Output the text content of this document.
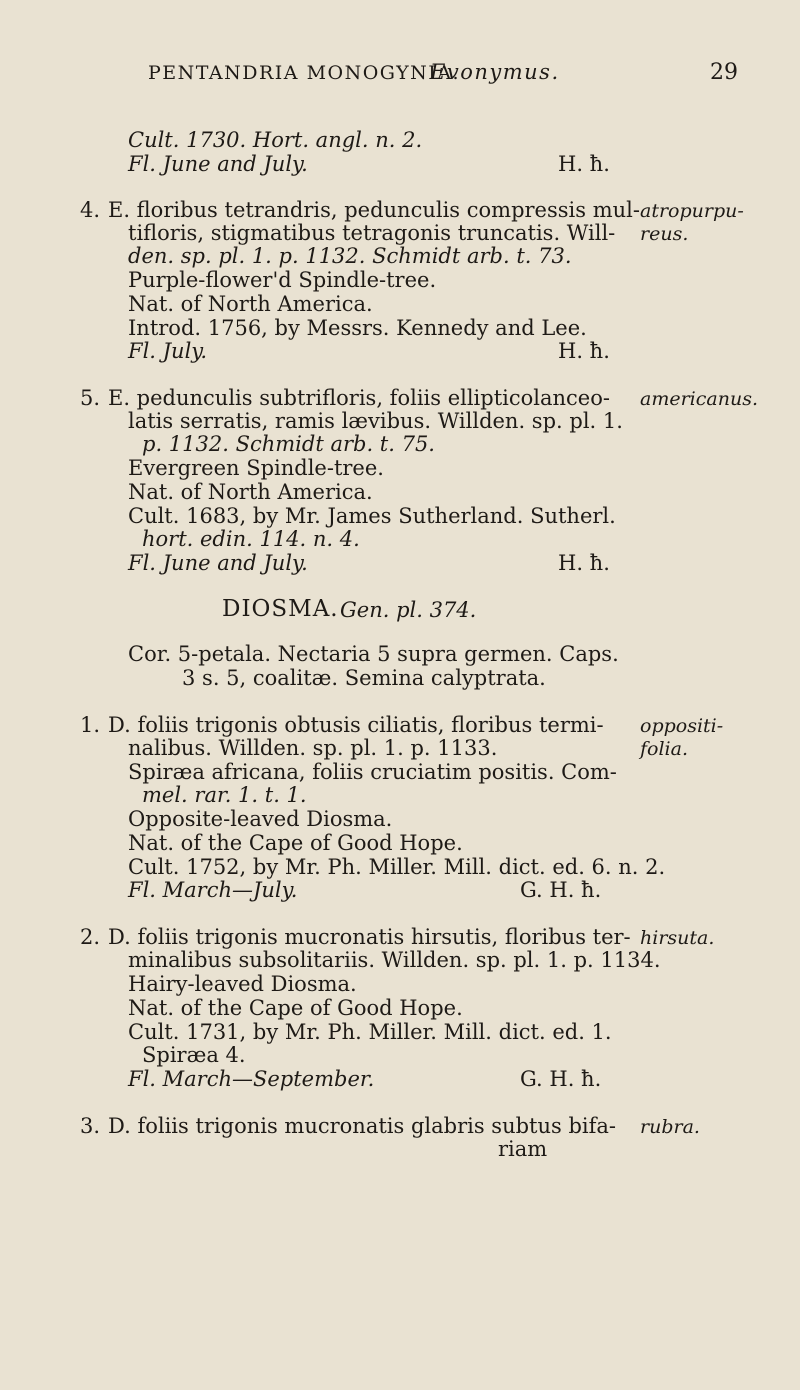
PENTANDRIA MONOGYNIA.
Evonymus.	29
Cult. 1730. Hort. angl. n. 2.
Fl. June and July.	H. ħ.
4. E. floribus tetrandris, pedunculis compressis mul-
tifloris, stigmatibus tetragonis truncatis. Will-
den. sp. pl. 1. p. 1132. Schmidt arb. t. 73.
Purple-flower'd Spindle-tree.
Nat. of North America.
Introd. 1756, by Messrs. Kennedy and Lee.
Fl. July.	H. ħ.
5. E. pedunculis subtrifloris, foliis ellipticolanceo-
latis serratis, ramis lævibus. Willden. sp. pl. 1.
p. 1132. Schmidt arb. t. 75.
Evergreen Spindle-tree.
Nat. of North America.
Cult. 1683, by Mr. James Sutherland. Sutherl.
hort. edin. 114. n. 4.
Fl. June and July.	H. ħ.
Cor. 5-petala. Nectaria 5 supra germen. Caps.
3 s. 5, coalitæ. Semina calyptrata.
1. D. foliis trigonis obtusis ciliatis, floribus termi-
nalibus. Willden. sp. pl. 1. p. 1133.
Spiræa africana, foliis cruciatim positis. Com-
mel. rar. 1. t. 1.
Opposite-leaved Diosma.
Nat. of the Cape of Good Hope.
Cult. 1752, by Mr. Ph. Miller. Mill. dict. ed. 6. n. 2.
Fl. March—July.	G. H. ħ.
2. D. foliis trigonis mucronatis hirsutis, floribus ter-
minalibus subsolitariis. Willden. sp. pl. 1. p. 1134.
Hairy-leaved Diosma.
Nat. of the Cape of Good Hope.
Cult. 1731, by Mr. Ph. Miller. Mill. dict. ed. 1.
Spiræa 4.
Fl. March—September.	G. H. ħ.
3. D. foliis trigonis mucronatis glabris subtus bifa-
riam
atropurpu-
reus.
americanus.
oppositi-
folia.
hirsuta.
rubra.
DIOSMA. Gen. pl. 374.
